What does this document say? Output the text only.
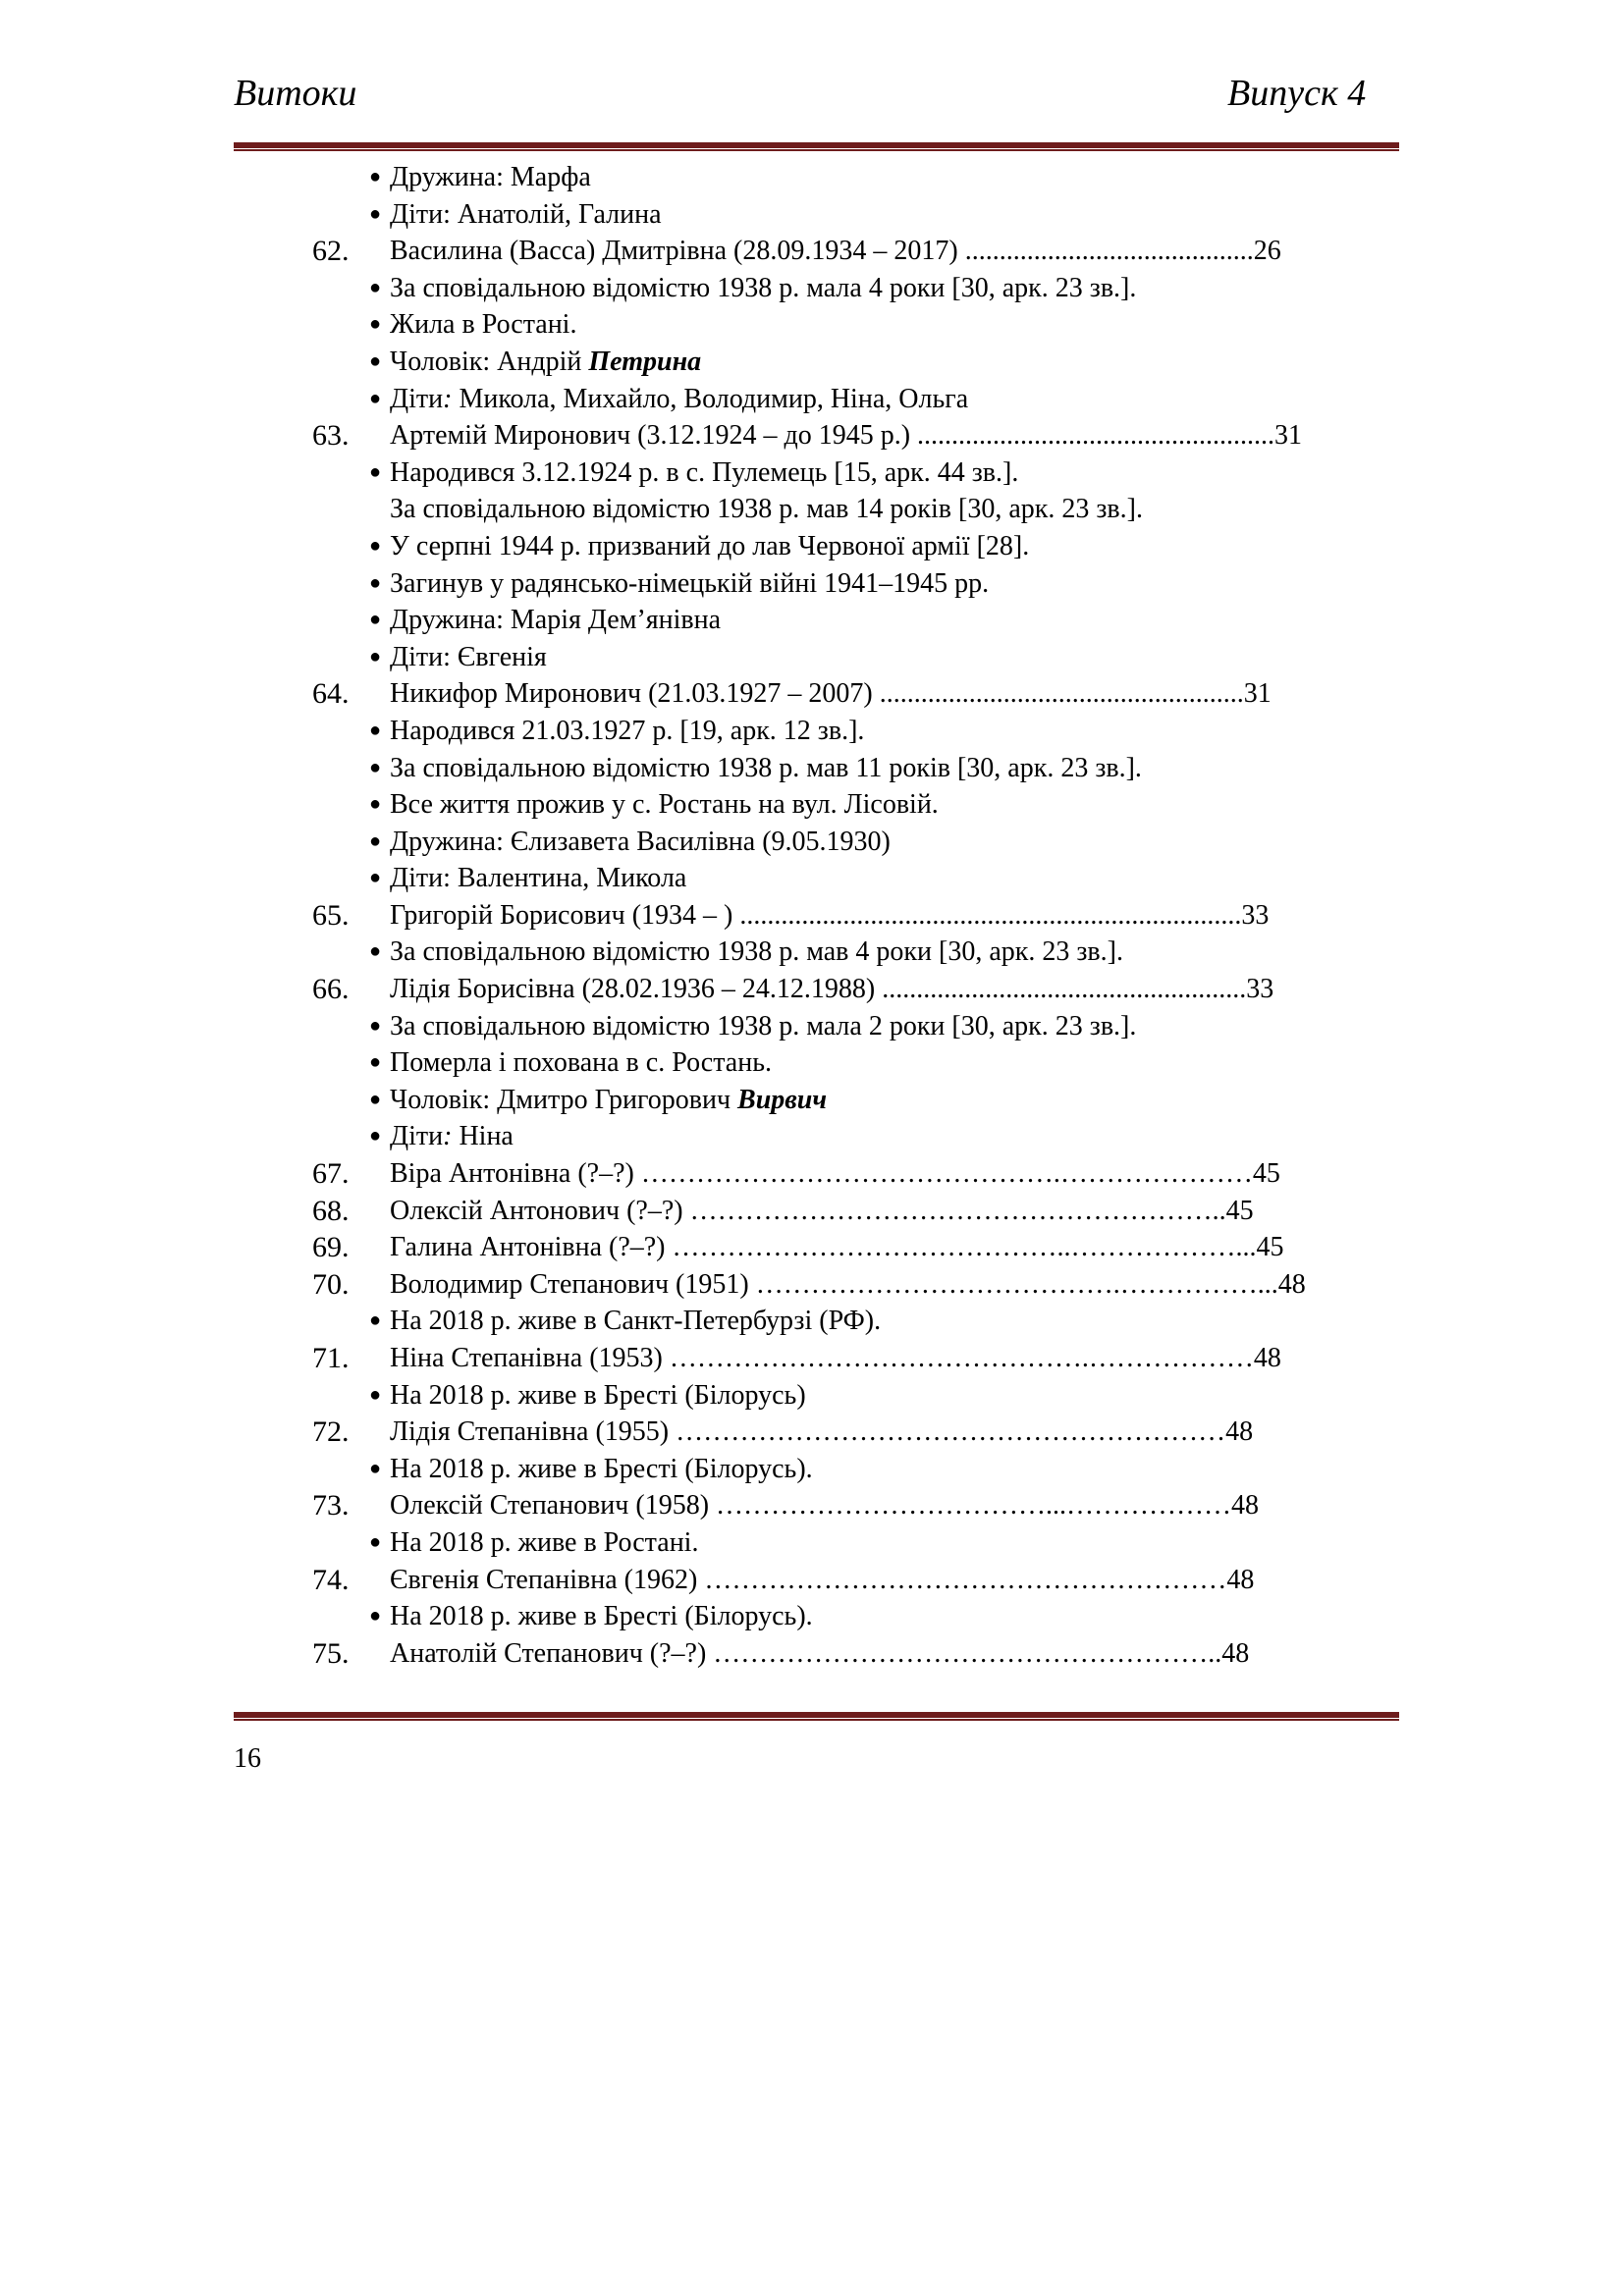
Витоки	Випуск 4
● Дружина: Марфа
● Діти: Анатолій, Галина
62. Василина (Васса) Дмитрівна (28.09.1934 – 2017) ..........................................26
● За сповідальною відомістю 1938 р. мала 4 роки [30, арк. 23 зв.].
● Жила в Ростані.
● Чоловік: Андрій Петрина
● Діти: Микола, Михайло, Володимир, Ніна, Ольга
63. Артемій Миронович (3.12.1924 – до 1945 р.) ....................................................31
● Народився 3.12.1924 р. в с. Пулемець [15, арк. 44 зв.].
За сповідальною відомістю 1938 р. мав 14 років [30, арк. 23 зв.].
● У серпні 1944 р. призваний до лав Червоної армії [28].
● Загинув у радянсько-німецькій війні 1941–1945 рр.
● Дружина: Марія Дем’янівна
● Діти: Євгенія
64. Никифор Миронович (21.03.1927 – 2007) .....................................................31
● Народився 21.03.1927 р. [19, арк. 12 зв.].
● За сповідальною відомістю 1938 р. мав 11 років [30, арк. 23 зв.].
● Все життя прожив у с. Ростань на вул. Лісовій.
● Дружина: Єлизавета Василівна (9.05.1930)
● Діти: Валентина, Микола
65. Григорій Борисович (1934 – ) .........................................................................33
● За сповідальною відомістю 1938 р. мав 4 роки [30, арк. 23 зв.].
66. Лідія Борисівна (28.02.1936 – 24.12.1988) .....................................................33
● За сповідальною відомістю 1938 р. мала 2 роки [30, арк. 23 зв.].
● Померла і похована в с. Ростань.
● Чоловік: Дмитро Григорович Вирвич
● Діти: Ніна
67. Віра Антонівна (?–?) ……………………………………….…………………45
68. Олексій Антонович (?–?) …………………………………………………..45
69. Галина Антонівна (?–?) ……………………………………..………………...45
70. Володимир Степанович (1951) ………………………………….……………...48
● На 2018 р. живе в Санкт-Петербурзі (РФ).
71. Ніна Степанівна (1953) ……………………………………….………………48
● На 2018 р. живе в Бресті (Білорусь)
72. Лідія Степанівна (1955) ……………………………………………………48
● На 2018 р. живе в Бресті (Білорусь).
73. Олексій Степанович (1958) ………………………………...………………48
● На 2018 р. живе в Ростані.
74. Євгенія Степанівна (1962) …………………………………………………48
● На 2018 р. живе в Бресті (Білорусь).
75. Анатолій Степанович (?–?) ………………………………………………..48
16
